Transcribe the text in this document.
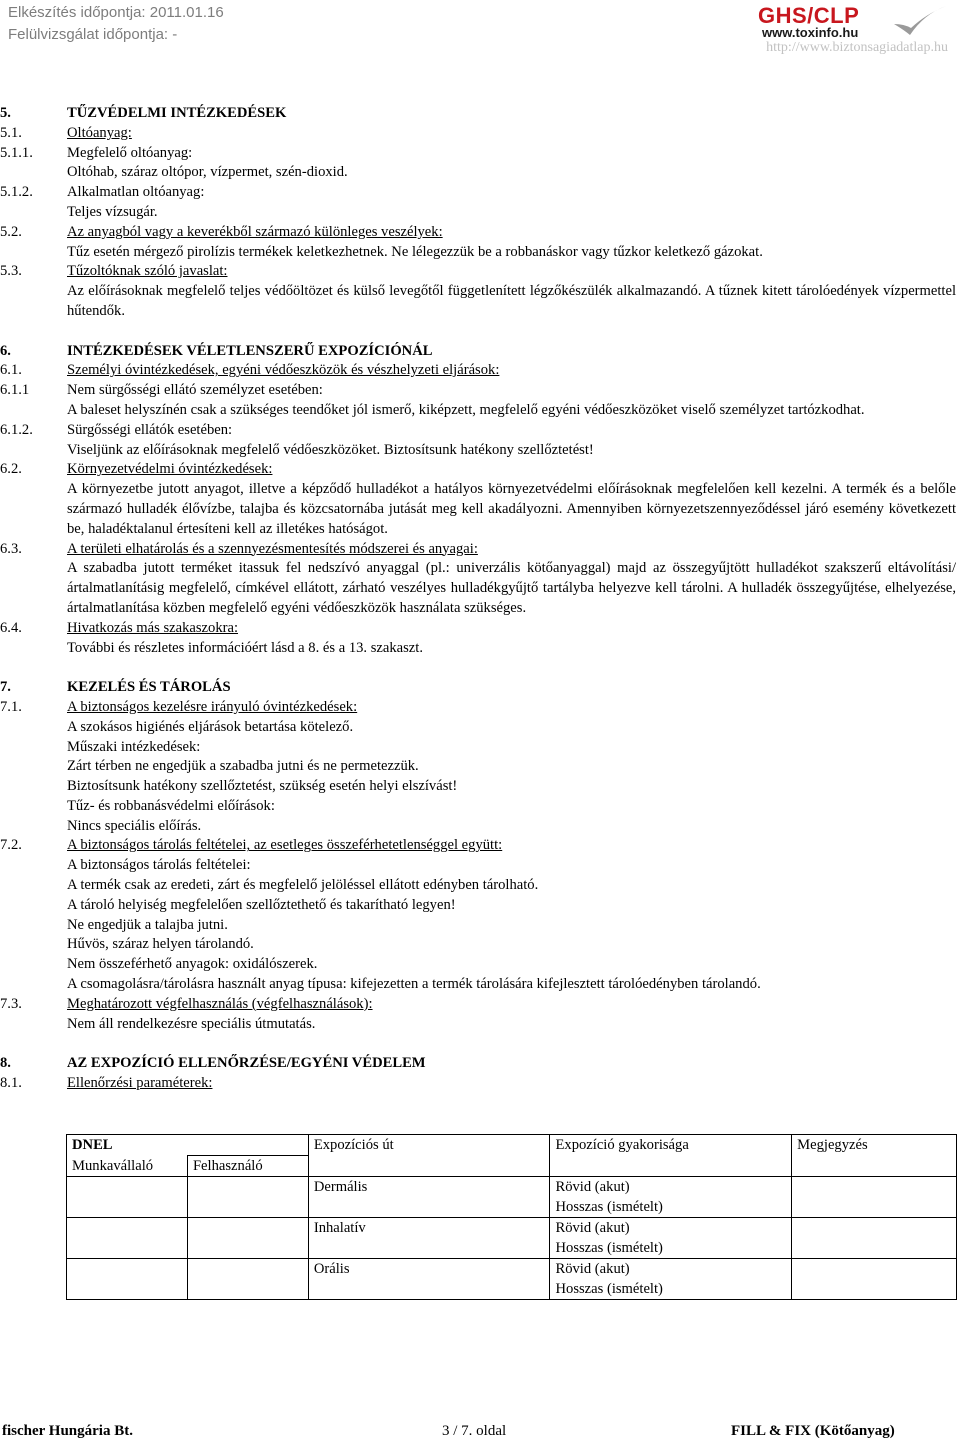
Elkészítés időpontja: 2011.01.16
Felülvizsgálat időpontja: -
GHS/CLP
www.toxinfo.hu
http://www.biztonsagiadatlap.hu
5.	TŰZVÉDELMI INTÉZKEDÉSEK
5.1.	Oltóanyag:
5.1.1. Megfelelő oltóanyag:
Oltóhab, száraz oltópor, vízpermet, szén-dioxid.
5.1.2. Alkalmatlan oltóanyag:
Teljes vízsugár.
5.2.	Az anyagból vagy a keverékből származó különleges veszélyek:
Tűz esetén mérgező pirolízis termékek keletkezhetnek. Ne lélegezzük be a robbanáskor vagy tűzkor keletkező gázokat.
5.3.	Tűzoltóknak szóló javaslat:
Az előírásoknak megfelelő teljes védőöltözet és külső levegőtől függetlenített légzőkészülék alkalmazandó. A tűznek kitett tárolóedények vízpermettel hűtendők.
6.	INTÉZKEDÉSEK VÉLETLENSZERŰ EXPOZÍCIÓNÁL
6.1.	Személyi óvintézkedések, egyéni védőeszközök és vészhelyzeti eljárások:
6.1.1	Nem sürgősségi ellátó személyzet esetében:
A baleset helyszínén csak a szükséges teendőket jól ismerő, kiképzett, megfelelő egyéni védőeszközöket viselő személyzet tartózkodhat.
6.1.2. Sürgősségi ellátók esetében:
Viseljünk az előírásoknak megfelelő védőeszközöket. Biztosítsunk hatékony szellőztetést!
6.2.	Környezetvédelmi óvintézkedések:
A környezetbe jutott anyagot, illetve a képződő hulladékot a hatályos környezetvédelmi előírásoknak megfelelően kell kezelni. A termék és a belőle származó hulladék élővízbe, talajba és közcsatornába jutását meg kell akadályozni. Amennyiben környezetszennyeződéssel járó esemény következett be, haladéktalanul értesíteni kell az illetékes hatóságot.
6.3.	A területi elhatárolás és a szennyezésmentesítés módszerei és anyagai:
A szabadba jutott terméket itassuk fel nedszívó anyaggal (pl.: univerzális kötőanyaggal) majd az összegyűjtött hulladékot szakszerű eltávolítási/ártalmatlanításig megfelelő, címkével ellátott, zárható veszélyes hulladékgyűjtő tartályba helyezve kell tárolni. A hulladék összegyűjtése, elhelyezése, ártalmatlanítása közben megfelelő egyéni védőeszközök használata szükséges.
6.4.	Hivatkozás más szakaszokra:
További és részletes információért lásd a 8. és a 13. szakaszt.
7.	KEZELÉS ÉS TÁROLÁS
7.1.	A biztonságos kezelésre irányuló óvintézkedések:
A szokásos higiénés eljárások betartása kötelező.
Műszaki intézkedések:
Zárt térben ne engedjük a szabadba jutni és ne permetezzük.
Biztosítsunk hatékony szellőztetést, szükség esetén helyi elszívást!
Tűz- és robbanásvédelmi előírások:
Nincs speciális előírás.
7.2.	A biztonságos tárolás feltételei, az esetleges összeférhetetlenséggel együtt:
A biztonságos tárolás feltételei:
A termék csak az eredeti, zárt és megfelelő jelöléssel ellátott edényben tárolható.
A tároló helyiség megfelelően szellőztethető és takarítható legyen!
Ne engedjük a talajba jutni.
Hűvös, száraz helyen tárolandó.
Nem összeférhető anyagok: oxidálószerek.
A csomagolásra/tárolásra használt anyag típusa: kifejezetten a termék tárolására kifejlesztett tárolóedényben tárolandó.
7.3.	Meghatározott végfelhasználás (végfelhasználások):
Nem áll rendelkezésre speciális útmutatás.
8.	AZ EXPOZÍCIÓ ELLENŐRZÉSE/EGYÉNI VÉDELEM
8.1.	Ellenőrzési paraméterek:
DNEL		Expozíciós út	Expozíció gyakorisága	Megjegyzés
Munkavállaló	Felhasználó			
		Dermális	Rövid (akut)
Hosszas (ismételt)	

		Inhalatív	Rövid (akut)
Hosszas (ismételt)	

		Orális	Rövid (akut)
Hosszas (ismételt)	

fischer Hungária Bt.	3 / 7. oldal	FILL & FIX (Kötőanyag)
